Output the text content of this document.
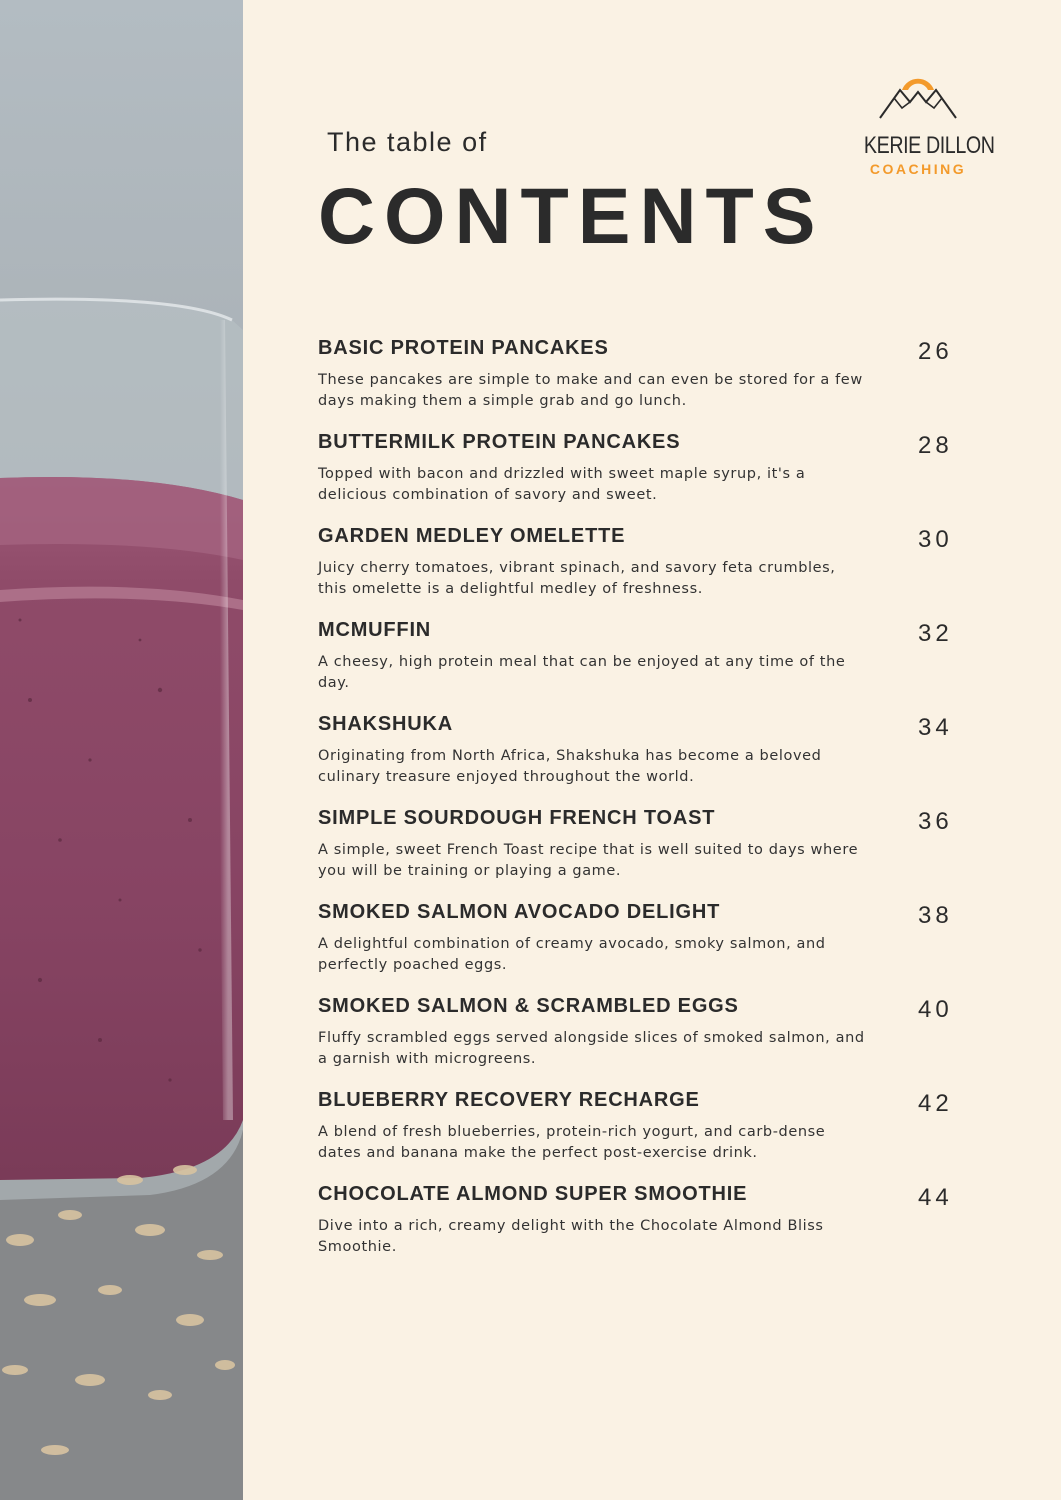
The table of

CONTENTS
KERIE DILLON
COACHING

BASIC PROTEIN PANCAKES

These pancakes are simple to make and can even be stored for a few days making them a simple grab and go lunch.

26

BUTTERMILK PROTEIN PANCAKES

Topped with bacon and drizzled with sweet maple syrup, it's a delicious combination of savory and sweet.

28

GARDEN MEDLEY OMELETTE

Juicy cherry tomatoes, vibrant spinach, and savory feta crumbles, this omelette is a delightful medley of freshness.

30

MCMUFFIN

A cheesy, high protein meal that can be enjoyed at any time of the day.

32

SHAKSHUKA

Originating from North Africa, Shakshuka has become a beloved culinary treasure enjoyed throughout the world.

34

SIMPLE SOURDOUGH FRENCH TOAST

A simple, sweet French Toast recipe that is well suited to days where you will be training or playing a game.

36

SMOKED SALMON AVOCADO DELIGHT

A delightful combination of creamy avocado, smoky salmon, and perfectly poached eggs.

38

SMOKED SALMON & SCRAMBLED EGGS

Fluffy scrambled eggs served alongside slices of smoked salmon, and a garnish with microgreens.

40

BLUEBERRY RECOVERY RECHARGE

A blend of fresh blueberries, protein-rich yogurt, and carb-dense dates and banana make the perfect post-exercise drink.

42

CHOCOLATE ALMOND SUPER SMOOTHIE

Dive into a rich, creamy delight with the Chocolate Almond Bliss Smoothie.

44
